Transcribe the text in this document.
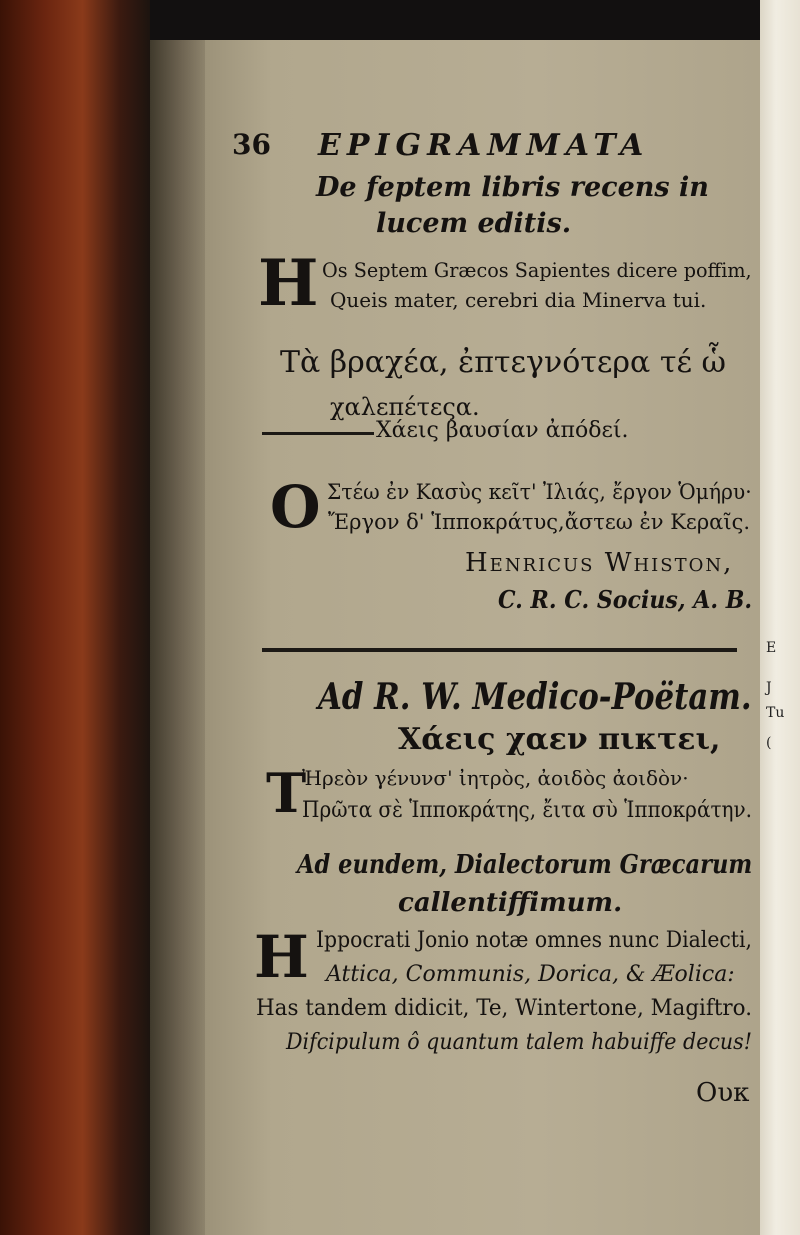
E
J
Tu
(
36 EPIGRAMMATA
De feptem libris recens in
lucem editis.
H Os Septem Græcos Sapientes dicere poffim,
Queis mater, cerebri dia Minerva tui.
Τὰ βραχέα, ἐπτεγνότερα τέ ὧ
χαλεπέτεςα.
Χάεις βαυσίαν ἀπόδεί.
O Στέω ἐν Κασὺς κεῖτ' Ἰλιάς, ἔργον Ὁμήρυ·
Ἔργον δ' Ἱπποκράτυς,ἄστεω ἐν Κεραῖς.
Henricus Whiston,
C. R. C. Socius, A. B.
Ad R. W. Medico-Poëtam.
Χάεις χαεν πικτει,
T
Ἠρεὸν γένυνσ' ἰητρὸς, ἀοιδὸς ἀοιδὸν·
Πρῶτα σὲ Ἱπποκράτης, ἔιτα σὺ Ἱπποκράτην.
Ad eundem, Dialectorum Græcarum
callentiffimum.
H Ippocrati Jonio notæ omnes nunc Dialecti,
Attica, Communis, Dorica, & Æolica:
Has tandem didicit, Te, Wintertone, Magiftro.
Difcipulum ô quantum talem habuiffe decus!
Ουκ
